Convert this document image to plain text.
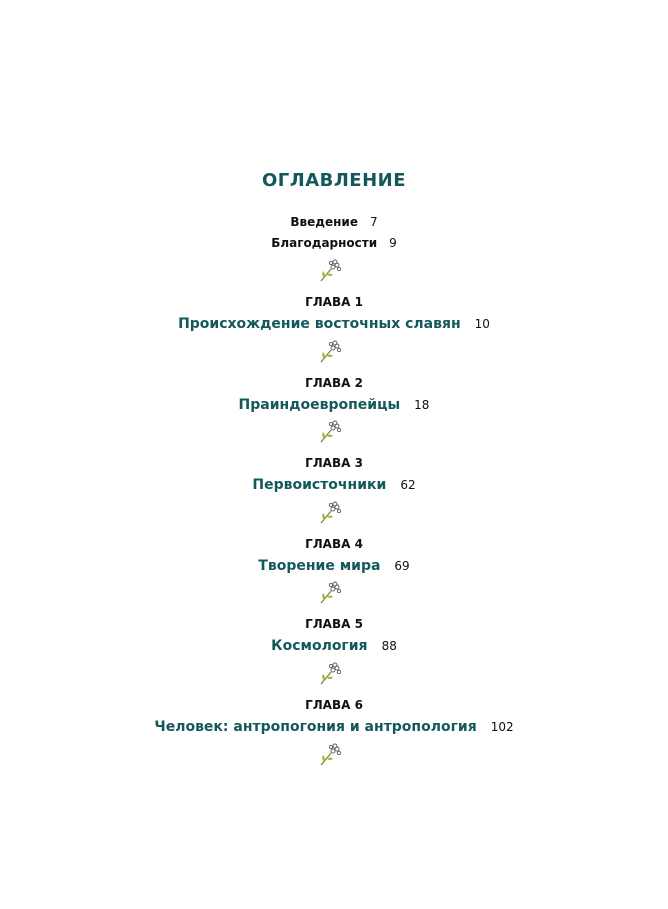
ОГЛАВЛЕНИЕ
Введение 7
Благодарности 9
ГЛАВА 1
Происхождение восточных славян 10
ГЛАВА 2
Праиндоевропейцы 18
ГЛАВА 3
Первоисточники 62
ГЛАВА 4
Творение мира 69
ГЛАВА 5
Космология 88
ГЛАВА 6
Человек: антропогония и антропология 102
